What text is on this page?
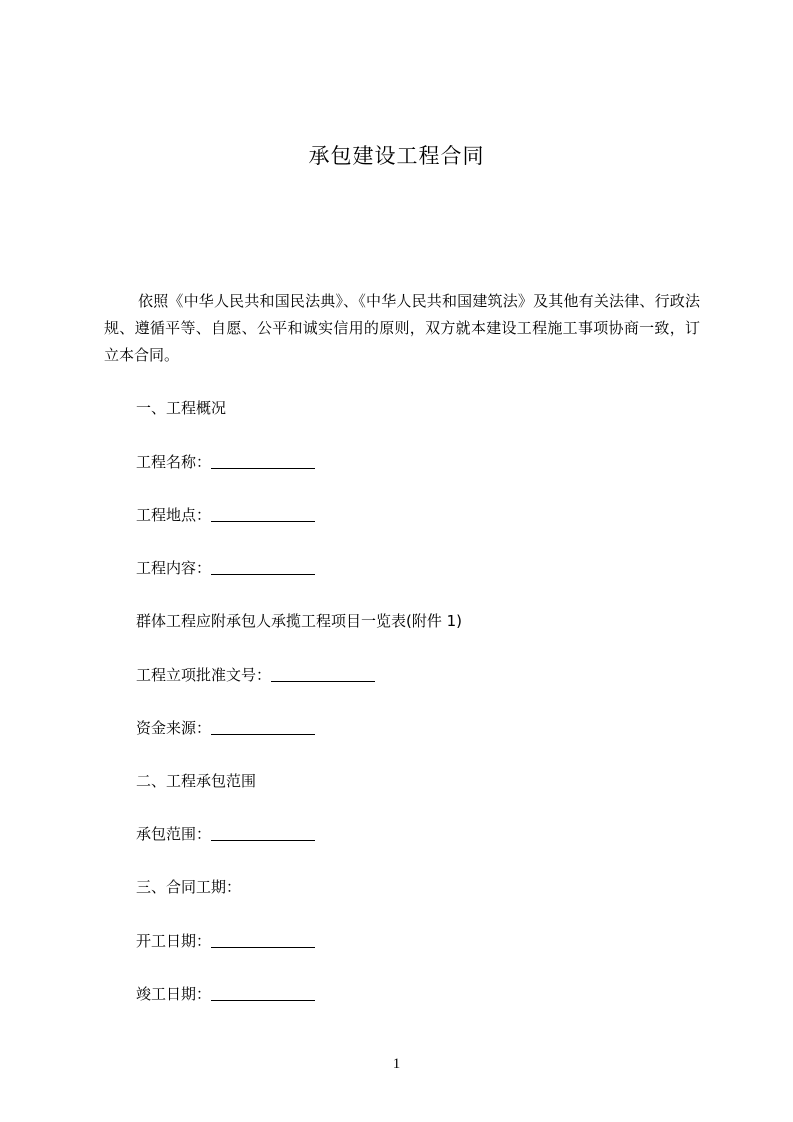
承包建设工程合同

依照《中华人民共和国民法典》、《中华人民共和国建筑法》及其他有关法律、行政法规、遵循平等、自愿、公平和诚实信用的原则，双方就本建设工程施工事项协商一致，订立本合同。

一、工程概况
工程名称：
工程地点：
工程内容：
群体工程应附承包人承揽工程项目一览表(附件 1)
工程立项批准文号：
资金来源：
二、工程承包范围
承包范围：
三、合同工期：
开工日期：
竣工日期：
1
